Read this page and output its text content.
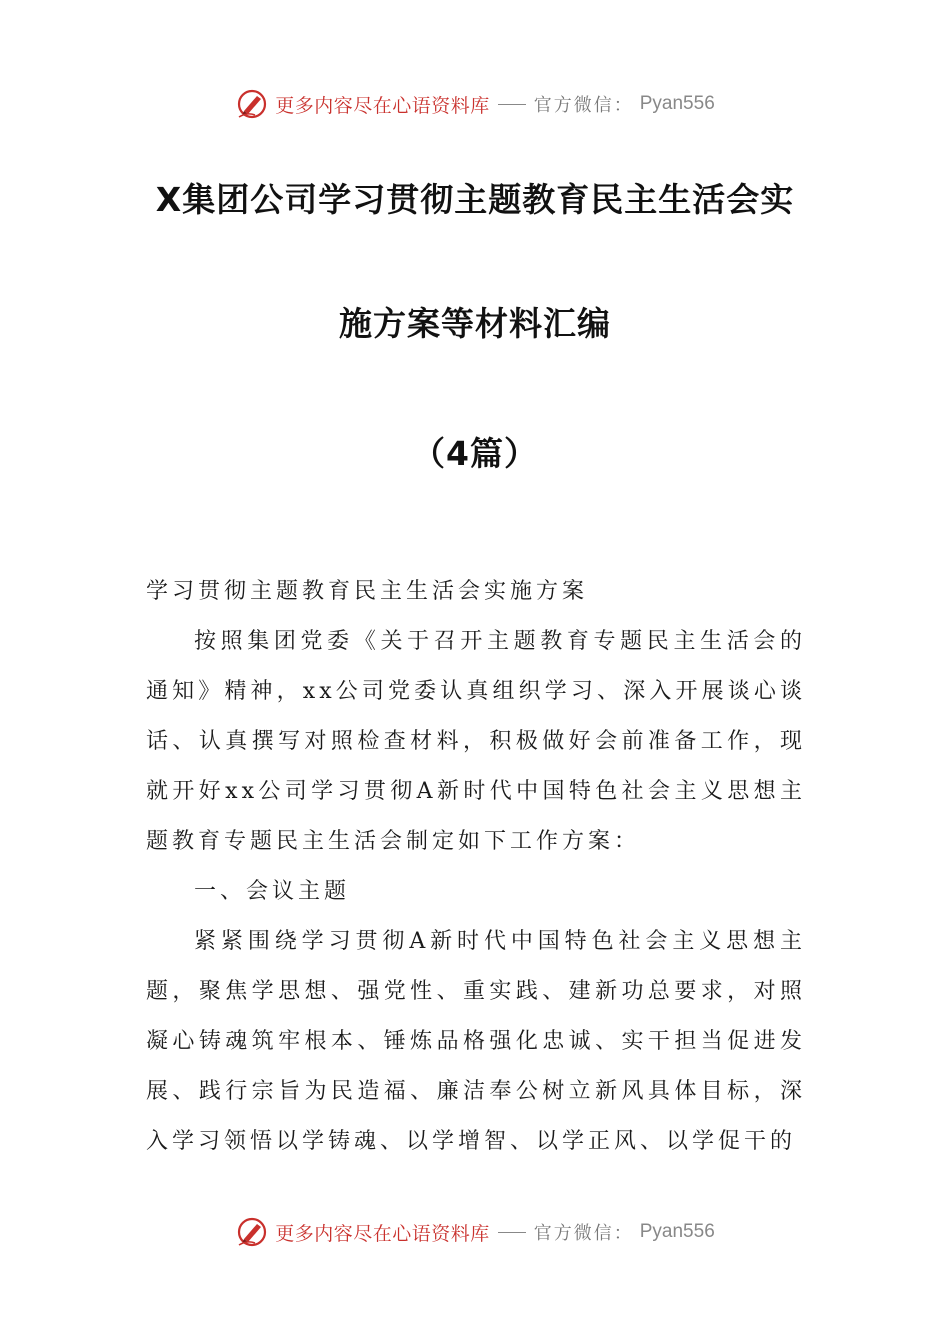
更多内容尽在心语资料库 官方微信： Pyan556
X集团公司学习贯彻主题教育民主生活会实
施方案等材料汇编
（4篇）

学习贯彻主题教育民主生活会实施方案

按照集团党委《关于召开主题教育专题民主生活会的通知》精神，xx公司党委认真组织学习、深入开展谈心谈话、认真撰写对照检查材料，积极做好会前准备工作，现就开好xx公司学习贯彻A新时代中国特色社会主义思想主题教育专题民主生活会制定如下工作方案：

一、会议主题

紧紧围绕学习贯彻A新时代中国特色社会主义思想主题，聚焦学思想、强党性、重实践、建新功总要求，对照凝心铸魂筑牢根本、锤炼品格强化忠诚、实干担当促进发展、践行宗旨为民造福、廉洁奉公树立新风具体目标，深入学习领悟以学铸魂、以学增智、以学正风、以学促干的

更多内容尽在心语资料库 官方微信： Pyan556
